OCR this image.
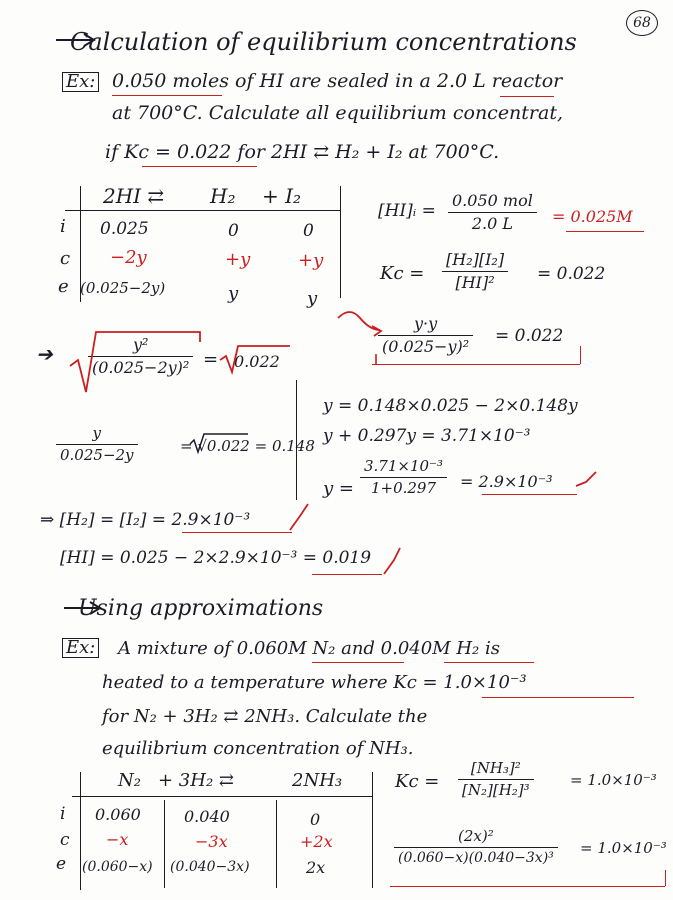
68
Calculation of equilibrium concentrations
Ex: 0.050 moles of HI are sealed in a 2.0 L reactor
at 700°C. Calculate all equilibrium concentrat,
if Kc = 0.022 for 2HI ⇄ H₂ + I₂ at 700°C.
2HI ⇄ H₂ + I₂
i 0.025	0	0
c −2y	+y	+y
e (0.025−2y)	y	y
[HI]ᵢ =
0.050 mol
2.0 L	= 0.025M
$Kc = \frac{\text{[H₂][I₂]}}{\text{[HI]²}} = 0.022$
$\frac{y\cdot y}{\text{(0.025−y)²}} = 0.022$
➔ $\frac{\text{y²}}{\text{(0.025−2y)²}} = 0.022$
$\frac{y}{0.025-2y}$	= √0.022 = 0.148
y = 0.148×0.025 − 2×0.148y
y + 0.297y = 3.71×10⁻³
$y = \frac{\text{3.71×10⁻³}}{1+0.297} = 2.9\times 10^{-3}$
⇒ [H₂] = [I₂] = 2.9×10⁻³
[HI] = 0.025 − 2×2.9×10⁻³ = 0.019
Using approximations
Ex: A mixture of 0.060M N₂ and 0.040M H₂ is
heated to a temperature where Kc = 1.0×10⁻³
for N₂ + 3H₂ ⇄ 2NH₃. Calculate the
equilibrium concentration of NH₃.
N₂ + 3H₂ ⇄	2NH₃
i 0.060	0.040	0
c −x	−3x	+2x
e (0.060−x) (0.040−3x)	2x
$Kc = \frac{\text{[NH₃]²}}{\text{[N₂][H₂]³}} = 1.0\times 10^{-3}$
$\frac{\text{(2x)²}}{\text{(0.060−x)(0.040−3x)³}} = 1.0\times 10^{-3}$
